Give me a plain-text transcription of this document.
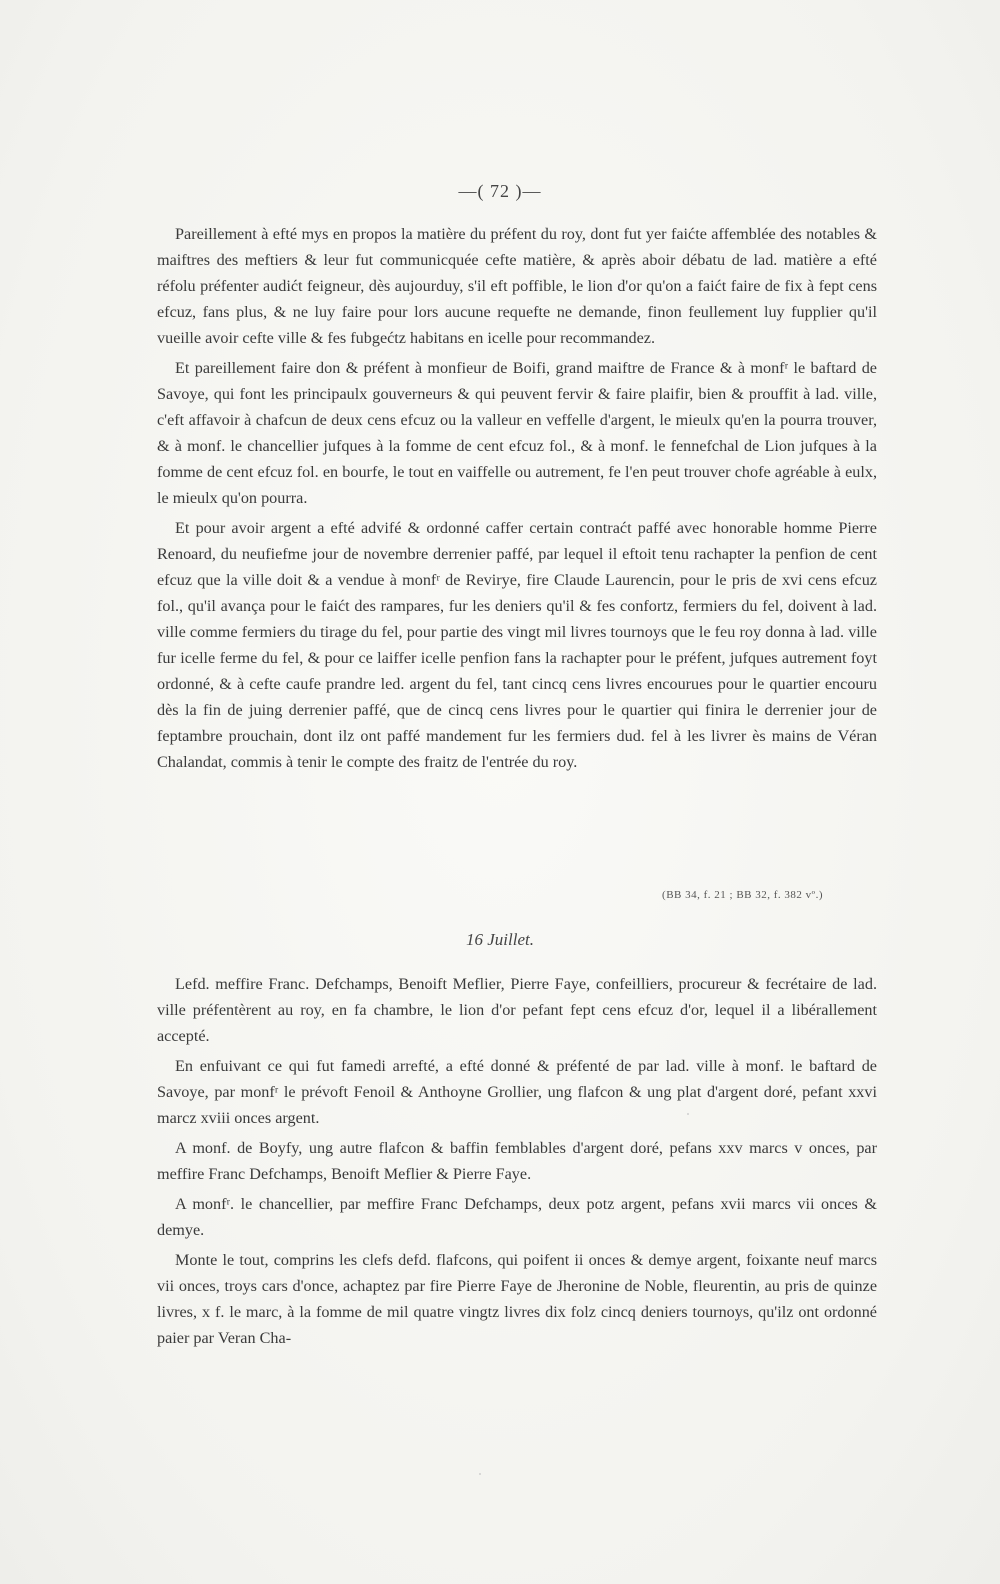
—( 72 )—

Pareillement à efté mys en propos la matière du préfent du roy, dont fut yer faićte affemblée des notables & maiftres des meftiers & leur fut communicquée cefte matière, & après aboir débatu de lad. matière a efté réfolu préfenter audićt feigneur, dès aujourduy, s'il eft poffible, le lion d'or qu'on a faićt faire de fix à fept cens efcuz, fans plus, & ne luy faire pour lors aucune requefte ne demande, finon feullement luy fupplier qu'il vueille avoir cefte ville & fes fubgećtz habitans en icelle pour recommandez.

Et pareillement faire don & préfent à monfieur de Boifi, grand maiftre de France & à monfʳ le baftard de Savoye, qui font les principaulx gouverneurs & qui peuvent fervir & faire plaifir, bien & prouffit à lad. ville, c'eft affavoir à chafcun de deux cens efcuz ou la valleur en veffelle d'argent, le mieulx qu'en la pourra trouver, & à monf. le chancellier jufques à la fomme de cent efcuz fol., & à monf. le fennefchal de Lion jufques à la fomme de cent efcuz fol. en bourfe, le tout en vaiffelle ou autrement, fe l'en peut trouver chofe agréable à eulx, le mieulx qu'on pourra.

Et pour avoir argent a efté advifé & ordonné caffer certain contraćt paffé avec honorable homme Pierre Renoard, du neufiefme jour de novembre derrenier paffé, par lequel il eftoit tenu rachapter la penfion de cent efcuz que la ville doit & a vendue à monfʳ de Revirye, fire Claude Laurencin, pour le pris de xvi cens efcuz fol., qu'il avança pour le faićt des rampares, fur les deniers qu'il & fes confortz, fermiers du fel, doivent à lad. ville comme fermiers du tirage du fel, pour partie des vingt mil livres tournoys que le feu roy donna à lad. ville fur icelle ferme du fel, & pour ce laiffer icelle penfion fans la rachapter pour le préfent, jufques autrement foyt ordonné, & à cefte caufe prandre led. argent du fel, tant cincq cens livres encourues pour le quartier encouru dès la fin de juing derrenier paffé, que de cincq cens livres pour le quartier qui finira le derrenier jour de feptambre prouchain, dont ilz ont paffé mandement fur les fermiers dud. fel à les livrer ès mains de Véran Chalandat, commis à tenir le compte des fraitz de l'entrée du roy.

(BB 34, f. 21 ; BB 32, f. 382 vº.)
16 Juillet.

Lefd. meffire Franc. Defchamps, Benoift Meflier, Pierre Faye, confeilliers, procureur & fecrétaire de lad. ville préfentèrent au roy, en fa chambre, le lion d'or pefant fept cens efcuz d'or, lequel il a libérallement accepté.

En enfuivant ce qui fut famedi arrefté, a efté donné & préfenté de par lad. ville à monf. le baftard de Savoye, par monfʳ le prévoft Fenoil & Anthoyne Grollier, ung flafcon & ung plat d'argent doré, pefant xxvi marcz xviii onces argent.

A monf. de Boyfy, ung autre flafcon & baffin femblables d'argent doré, pefans xxv marcs v onces, par meffire Franc Defchamps, Benoift Meflier & Pierre Faye.

A monfʳ. le chancellier, par meffire Franc Defchamps, deux potz argent, pefans xvii marcs vii onces & demye.

Monte le tout, comprins les clefs defd. flafcons, qui poifent ii onces & demye argent, foixante neuf marcs vii onces, troys cars d'once, achaptez par fire Pierre Faye de Jheronine de Noble, fleurentin, au pris de quinze livres, x f. le marc, à la fomme de mil quatre vingtz livres dix folz cincq deniers tournoys, qu'ilz ont ordonné paier par Veran Cha-
